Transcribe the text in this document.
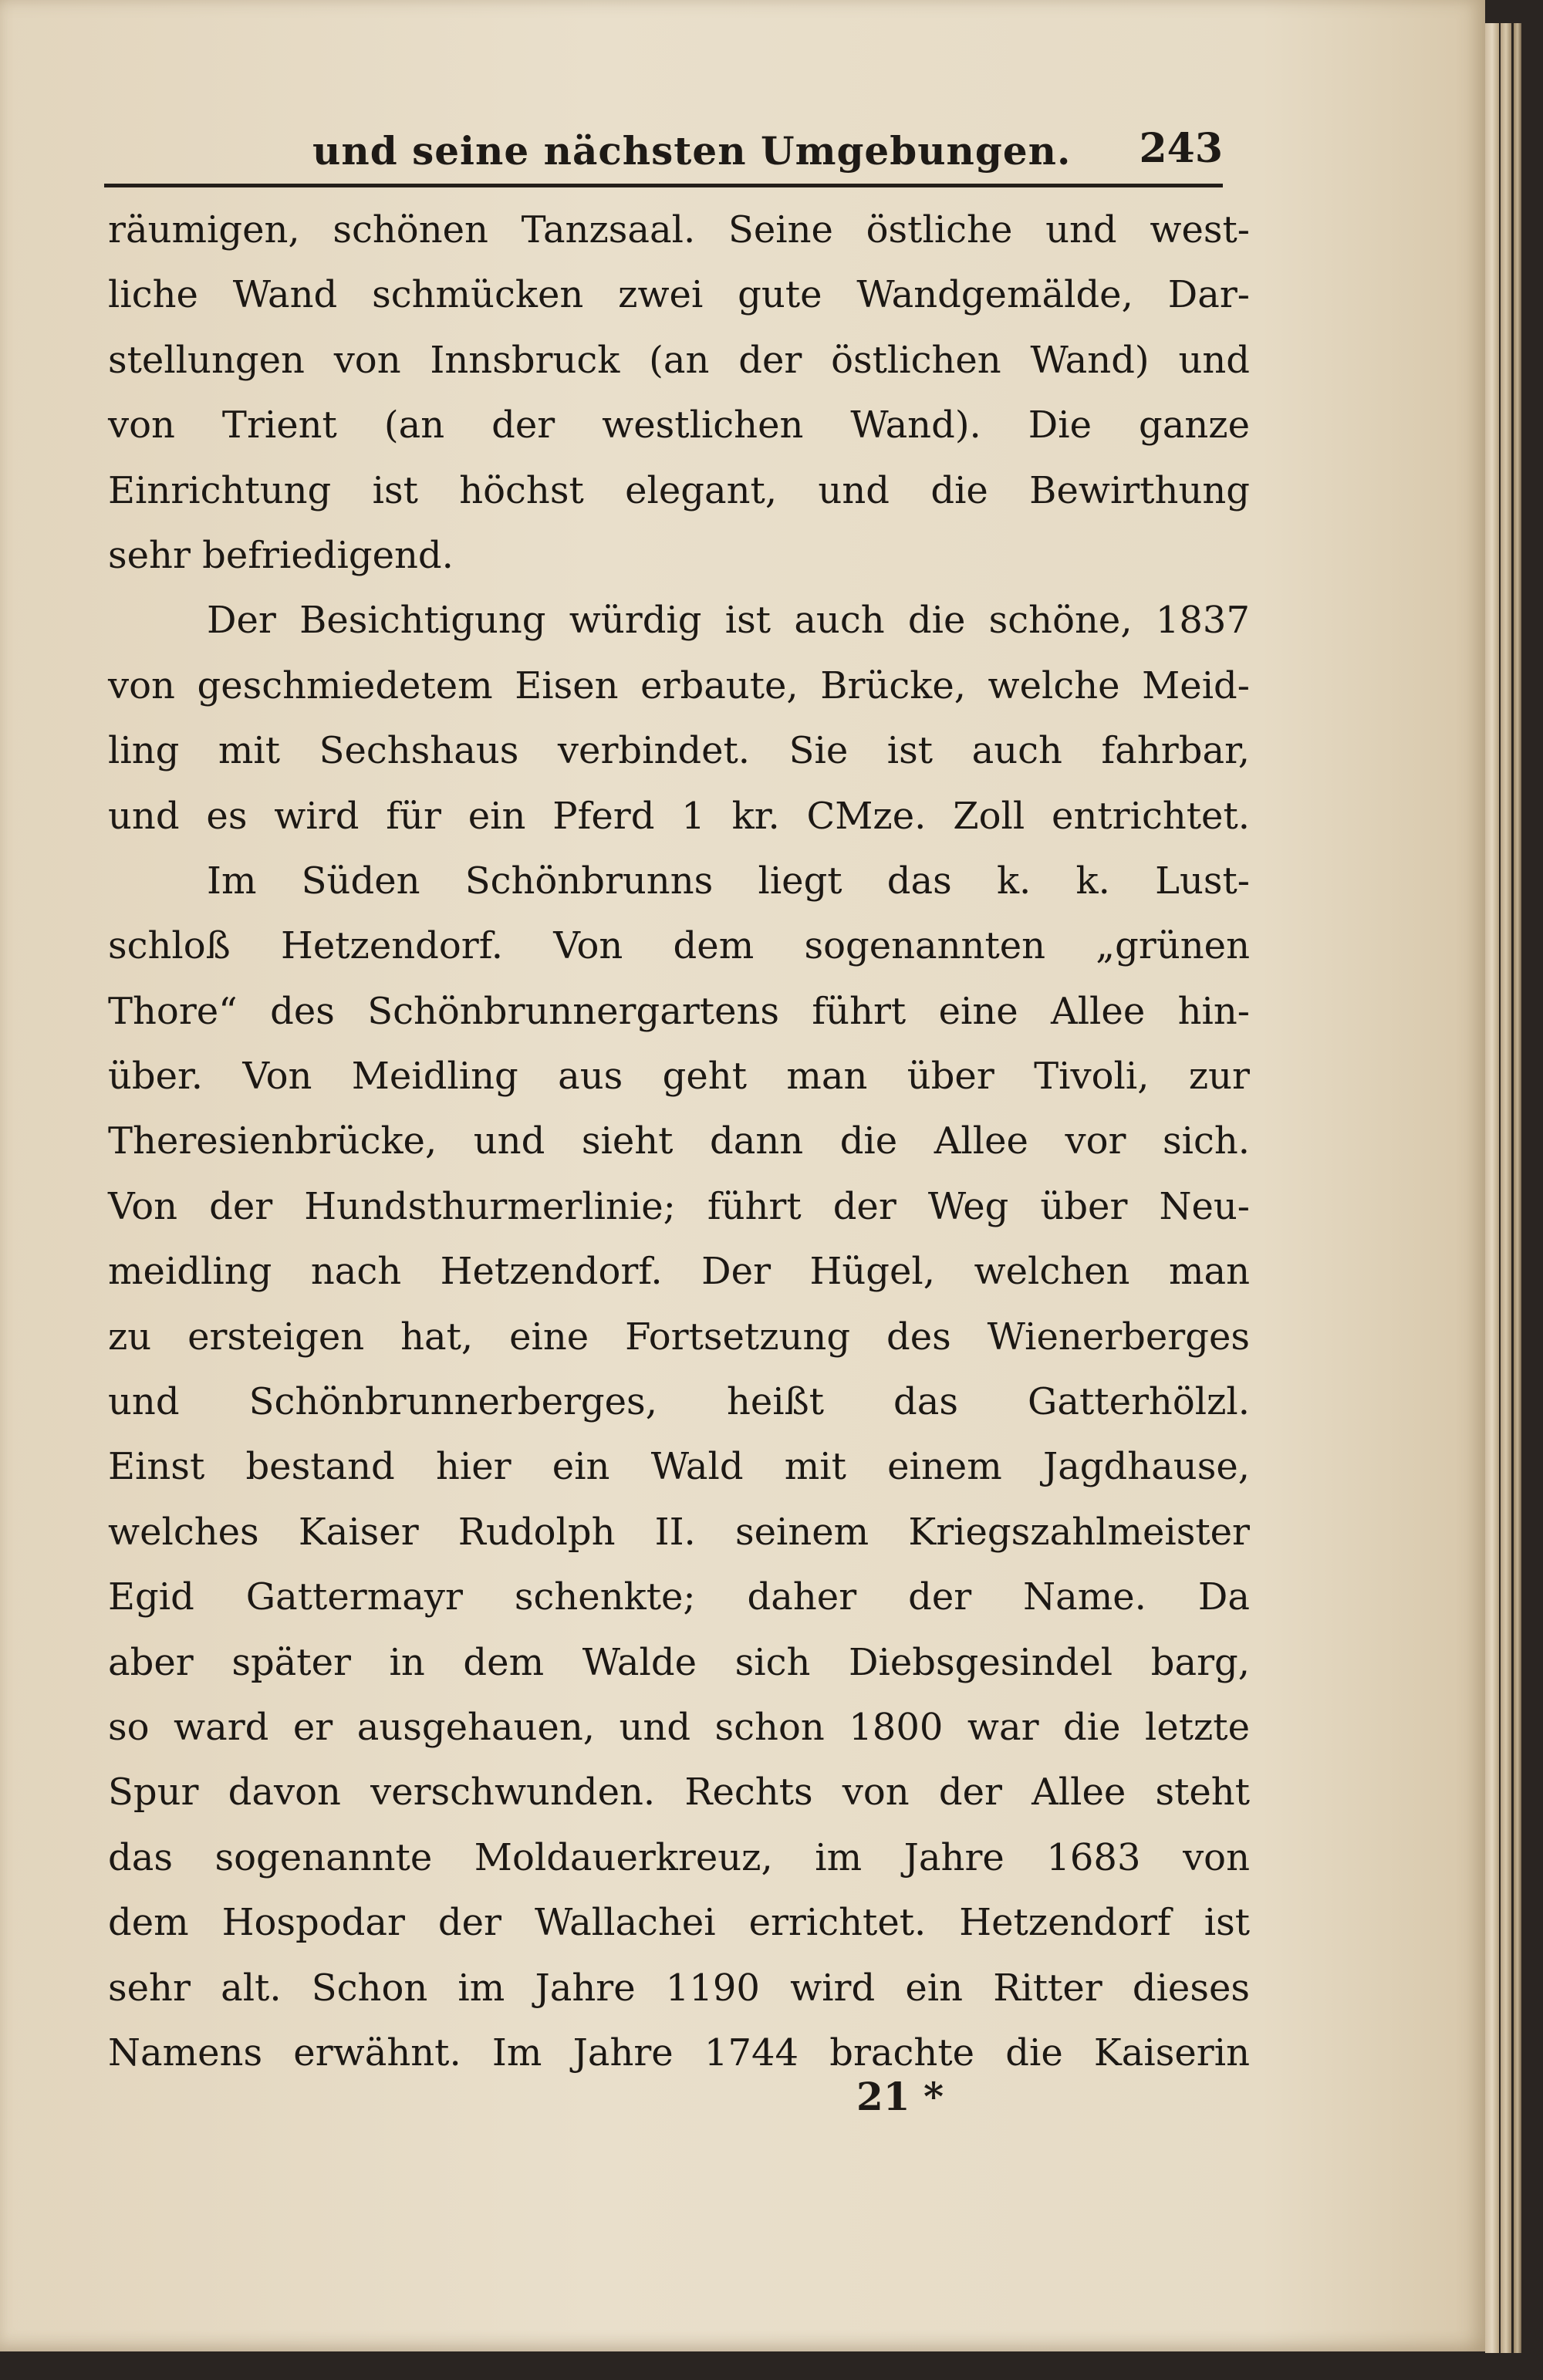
und seine nächsten Umgebungen. 243
räumigen, schönen Tanzsaal. Seine östliche und west-
liche Wand schmücken zwei gute Wandgemälde, Dar-
stellungen von Innsbruck (an der östlichen Wand) und
von Trient (an der westlichen Wand). Die ganze
Einrichtung ist höchst elegant, und die Bewirthung
sehr befriedigend.
Der Besichtigung würdig ist auch die schöne, 1837
von geschmiedetem Eisen erbaute, Brücke, welche Meid-
ling mit Sechshaus verbindet. Sie ist auch fahrbar,
und es wird für ein Pferd 1 kr. CMze. Zoll entrichtet.
Im Süden Schönbrunns liegt das k. k. Lust-
schloß Hetzendorf. Von dem sogenannten „grünen
Thore“ des Schönbrunnergartens führt eine Allee hin-
über. Von Meidling aus geht man über Tivoli, zur
Theresienbrücke, und sieht dann die Allee vor sich.
Von der Hundsthurmerlinie; führt der Weg über Neu-
meidling nach Hetzendorf. Der Hügel, welchen man
zu ersteigen hat, eine Fortsetzung des Wienerberges
und Schönbrunnerberges, heißt das Gatterhölzl.
Einst bestand hier ein Wald mit einem Jagdhause,
welches Kaiser Rudolph II. seinem Kriegszahlmeister
Egid Gattermayr schenkte; daher der Name. Da
aber später in dem Walde sich Diebsgesindel barg,
so ward er ausgehauen, und schon 1800 war die letzte
Spur davon verschwunden. Rechts von der Allee steht
das sogenannte Moldauerkreuz, im Jahre 1683 von
dem Hospodar der Wallachei errichtet. Hetzendorf ist
sehr alt. Schon im Jahre 1190 wird ein Ritter dieses
Namens erwähnt. Im Jahre 1744 brachte die Kaiserin
21 *
